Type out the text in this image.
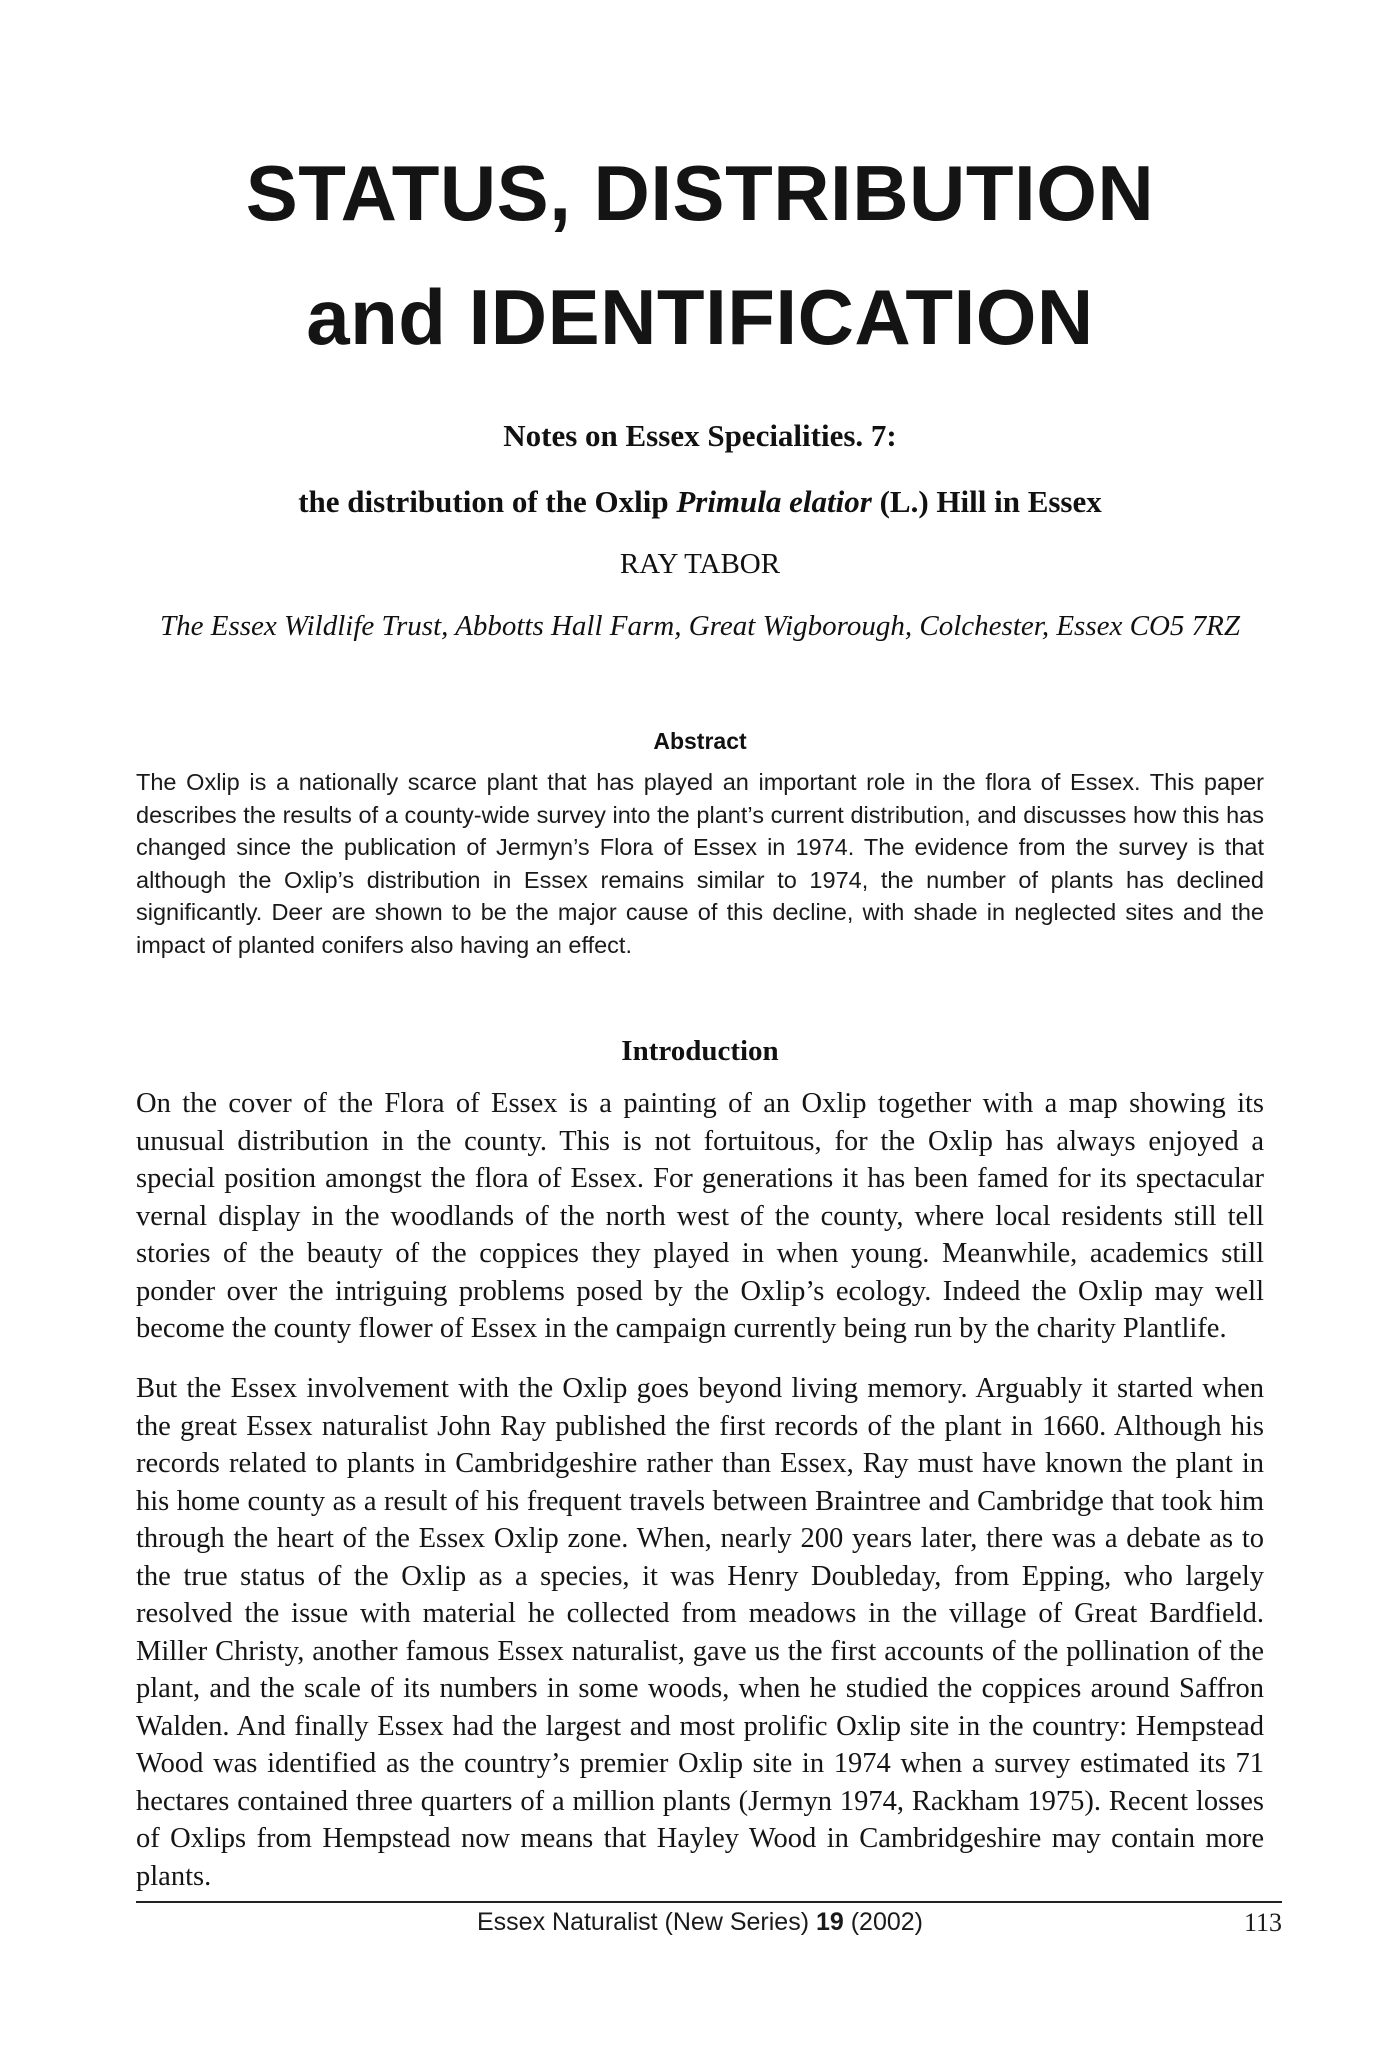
STATUS, DISTRIBUTION
and IDENTIFICATION
Notes on Essex Specialities. 7:
the distribution of the Oxlip Primula elatior (L.) Hill in Essex
RAY TABOR
The Essex Wildlife Trust, Abbotts Hall Farm, Great Wigborough, Colchester, Essex CO5 7RZ
Abstract
The Oxlip is a nationally scarce plant that has played an important role in the flora of Essex. This paper describes the results of a county-wide survey into the plant’s current distribution, and discusses how this has changed since the publication of Jermyn’s Flora of Essex in 1974. The evidence from the survey is that although the Oxlip’s distribution in Essex remains similar to 1974, the number of plants has declined significantly. Deer are shown to be the major cause of this decline, with shade in neglected sites and the impact of planted conifers also having an effect.
Introduction
On the cover of the Flora of Essex is a painting of an Oxlip together with a map showing its unusual distribution in the county. This is not fortuitous, for the Oxlip has always enjoyed a special position amongst the flora of Essex. For generations it has been famed for its spectacular vernal display in the woodlands of the north west of the county, where local residents still tell stories of the beauty of the coppices they played in when young. Meanwhile, academics still ponder over the intriguing problems posed by the Oxlip’s ecology. Indeed the Oxlip may well become the county flower of Essex in the campaign currently being run by the charity Plantlife.
But the Essex involvement with the Oxlip goes beyond living memory. Arguably it started when the great Essex naturalist John Ray published the first records of the plant in 1660. Although his records related to plants in Cambridgeshire rather than Essex, Ray must have known the plant in his home county as a result of his frequent travels between Braintree and Cambridge that took him through the heart of the Essex Oxlip zone. When, nearly 200 years later, there was a debate as to the true status of the Oxlip as a species, it was Henry Doubleday, from Epping, who largely resolved the issue with material he collected from meadows in the village of Great Bardfield. Miller Christy, another famous Essex naturalist, gave us the first accounts of the pollination of the plant, and the scale of its numbers in some woods, when he studied the coppices around Saffron Walden. And finally Essex had the largest and most prolific Oxlip site in the country: Hempstead Wood was identified as the country’s premier Oxlip site in 1974 when a survey estimated its 71 hectares contained three quarters of a million plants (Jermyn 1974, Rackham 1975). Recent losses of Oxlips from Hempstead now means that Hayley Wood in Cambridgeshire may contain more plants.
Essex Naturalist (New Series) 19 (2002)	113
